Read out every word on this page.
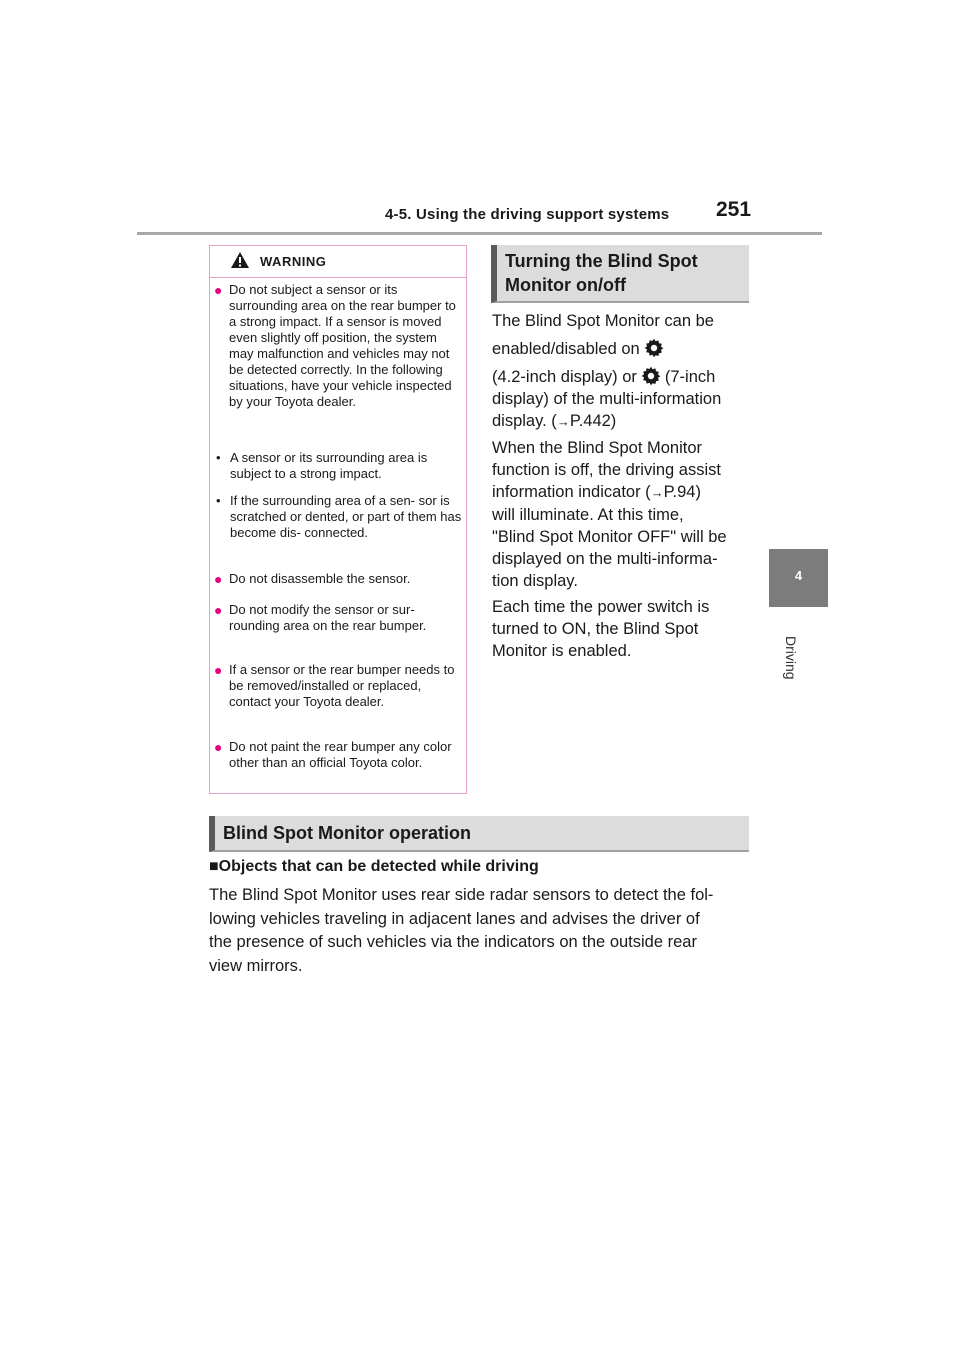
4-5. Using the driving support systems 251
4
Driving
WARNING
● Do not subject a sensor or its surrounding area on the rear bumper to a strong impact. If a sensor is moved even slightly off position, the system may malfunction and vehicles may not be detected correctly. In the following situations, have your vehicle inspected by your Toyota dealer.
• A sensor or its surrounding area is subject to a strong impact.
• If the surrounding area of a sen- sor is scratched or dented, or part of them has become dis- connected.
● Do not disassemble the sensor.
● Do not modify the sensor or sur- rounding area on the rear bumper.
● If a sensor or the rear bumper needs to be removed/installed or replaced, contact your Toyota dealer.
● Do not paint the rear bumper any color other than an official Toyota color.
Turning the Blind Spot Monitor on/off
The Blind Spot Monitor can be
enabled/disabled on
(4.2-inch display) or (7-inch
display) of the multi-information
display. (→P.442)
When the Blind Spot Monitor
function is off, the driving assist
information indicator (→P.94)
will illuminate. At this time,
"Blind Spot Monitor OFF" will be
displayed on the multi-informa-
tion display.
Each time the power switch is
turned to ON, the Blind Spot
Monitor is enabled.
Blind Spot Monitor operation
■Objects that can be detected while driving
The Blind Spot Monitor uses rear side radar sensors to detect the fol-
lowing vehicles traveling in adjacent lanes and advises the driver of
the presence of such vehicles via the indicators on the outside rear
view mirrors.
